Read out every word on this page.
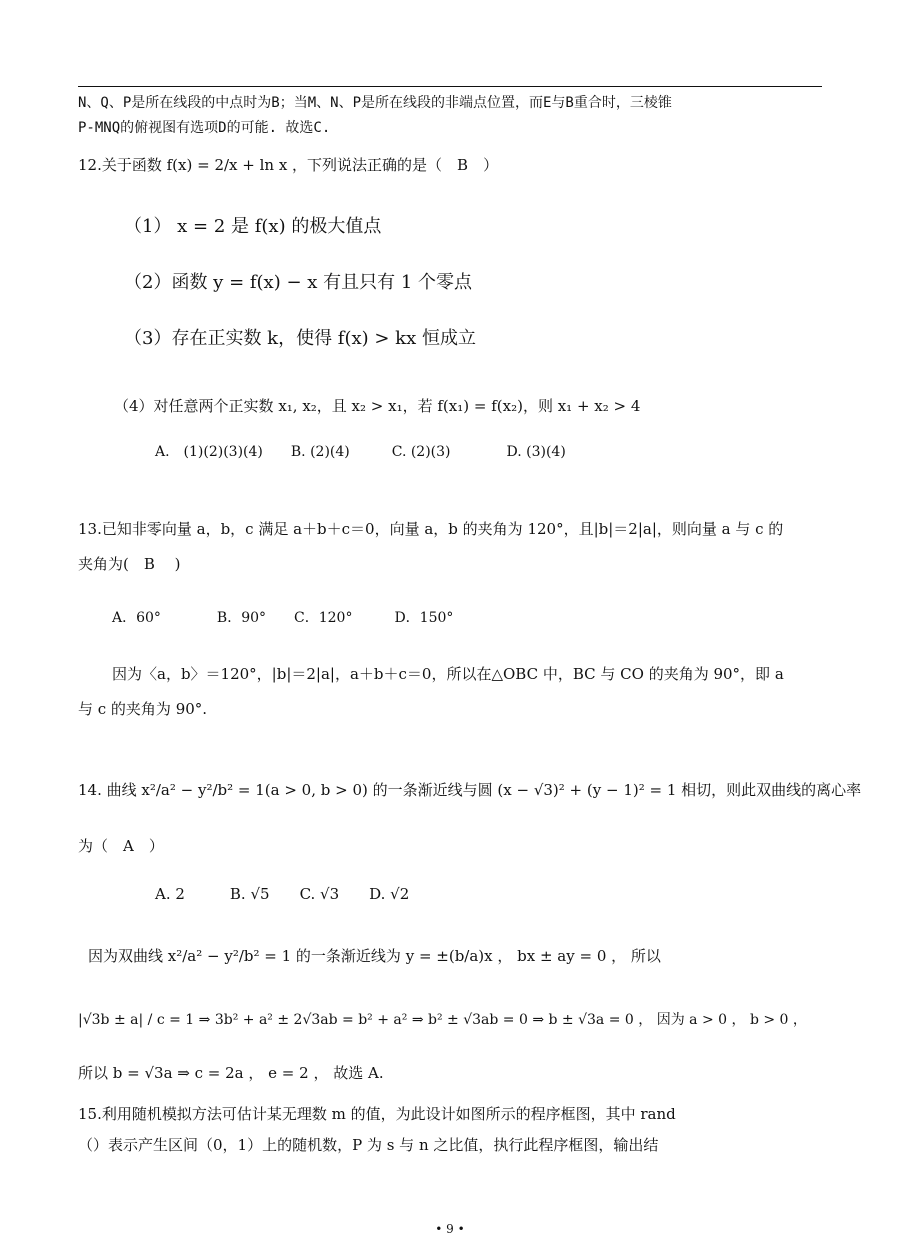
N、Q、P是所在线段的中点时为B；当M、N、P是所在线段的非端点位置，而E与B重合时，三棱锥
P-MNQ的俯视图有选项D的可能. 故选C.
12.关于函数 f(x) = 2/x + ln x ，下列说法正确的是（　B　）
（1） x = 2 是 f(x) 的极大值点
（2）函数 y = f(x) − x 有且只有 1 个零点
（3）存在正实数 k，使得 f(x) > kx 恒成立
（4）对任意两个正实数 x₁, x₂，且 x₂ > x₁，若 f(x₁) = f(x₂)，则 x₁ + x₂ > 4
A.　(1)(2)(3)(4)　　B. (2)(4)　　　C. (2)(3)　　　　D. (3)(4)
13.已知非零向量 a，b，c 满足 a＋b＋c＝0，向量 a，b 的夹角为 120°，且|b|＝2|a|，则向量 a 与 c 的
夹角为(　B　 )
A．60°　　　　B．90°　　C．120°　　　D．150°
因为〈a，b〉＝120°，|b|＝2|a|，a＋b＋c＝0，所以在△OBC 中，BC 与 CO 的夹角为 90°，即 a
与 c 的夹角为 90°.
14. 曲线 x²/a² − y²/b² = 1(a > 0, b > 0) 的一条渐近线与圆 (x − √3)² + (y − 1)² = 1 相切，则此双曲线的离心率
为（　A　）
A. 2　　　B. √5　　C. √3　　D. √2
因为双曲线 x²/a² − y²/b² = 1 的一条渐近线为 y = ±(b/a)x ， bx ± ay = 0 ， 所以
|√3b ± a| / c = 1 ⇒ 3b² + a² ± 2√3ab = b² + a² ⇒ b² ± √3ab = 0 ⇒ b ± √3a = 0 ， 因为 a > 0 ， b > 0 ，
所以 b = √3a ⇒ c = 2a ， e = 2 ， 故选 A.
15.利用随机模拟方法可估计某无理数 m 的值，为此设计如图所示的程序框图，其中 rand
（）表示产生区间（0，1）上的随机数，P 为 s 与 n 之比值，执行此程序框图，输出结
• 9 •
